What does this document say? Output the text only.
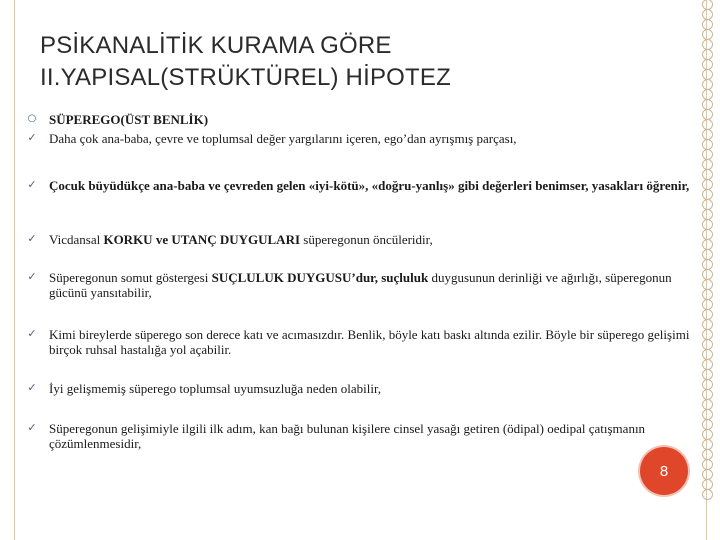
PSİKANALİTİK KURAMA GÖRE
II.YAPISAL(STRÜKTÜREL) HİPOTEZ
○ SÜPEREGO(ÜST BENLİK)
✓ Daha çok ana-baba, çevre ve toplumsal değer yargılarını içeren, ego’dan ayrışmış parçası,
✓ Çocuk büyüdükçe ana-baba ve çevreden gelen «iyi-kötü», «doğru-yanlış» gibi değerleri benimser, yasakları öğrenir,
✓ Vicdansal KORKU ve UTANÇ DUYGULARI süperegonun öncüleridir,
✓ Süperegonun somut göstergesi SUÇLULUK DUYGUSU’dur, suçluluk duygusunun derinliği ve ağırlığı, süperegonun gücünü yansıtabilir,
✓ Kimi bireylerde süperego son derece katı ve acımasızdır. Benlik, böyle katı baskı altında ezilir. Böyle bir süperego gelişimi birçok ruhsal hastalığa yol açabilir.
✓ İyi gelişmemiş süperego toplumsal uyumsuzluğa neden olabilir,
✓ Süperegonun gelişimiyle ilgili ilk adım, kan bağı bulunan kişilere cinsel yasağı getiren (ödipal) oedipal çatışmanın çözümlenmesidir,
8
